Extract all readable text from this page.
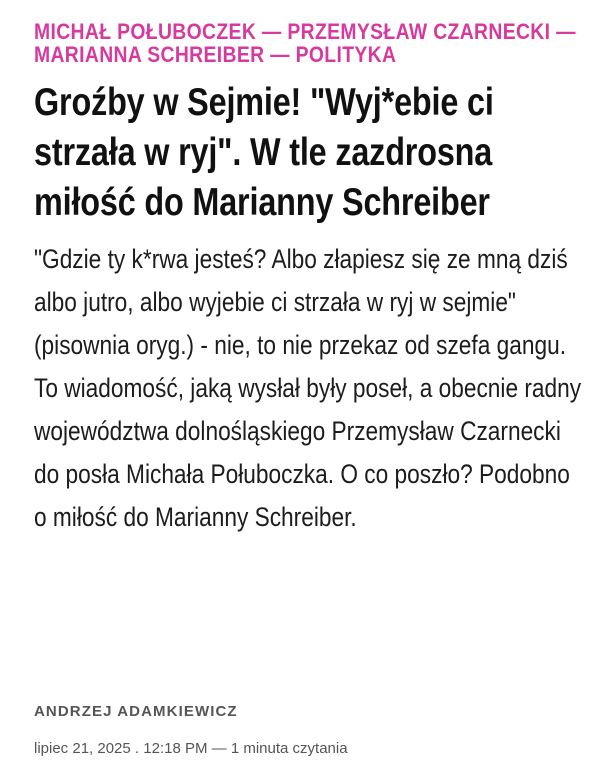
MICHAŁ POŁUBOCZEK — PRZEMYSŁAW CZARNECKI — MARIANNA SCHREIBER — POLITYKA
Groźby w Sejmie! "Wyj*ebie ci strzała w ryj". W tle zazdrosna miłość do Marianny Schreiber

"Gdzie ty k*rwa jesteś? Albo złapiesz się ze mną dziś albo jutro, albo wyjebie ci strzała w ryj w sejmie" (pisownia oryg.) - nie, to nie przekaz od szefa gangu. To wiadomość, jaką wysłał były poseł, a obecnie radny województwa dolnośląskiego Przemysław Czarnecki do posła Michała Połuboczka. O co poszło? Podobno o miłość do Marianny Schreiber.

ANDRZEJ ADAMKIEWICZ
lipiec 21, 2025 . 12:18 PM — 1 minuta czytania
